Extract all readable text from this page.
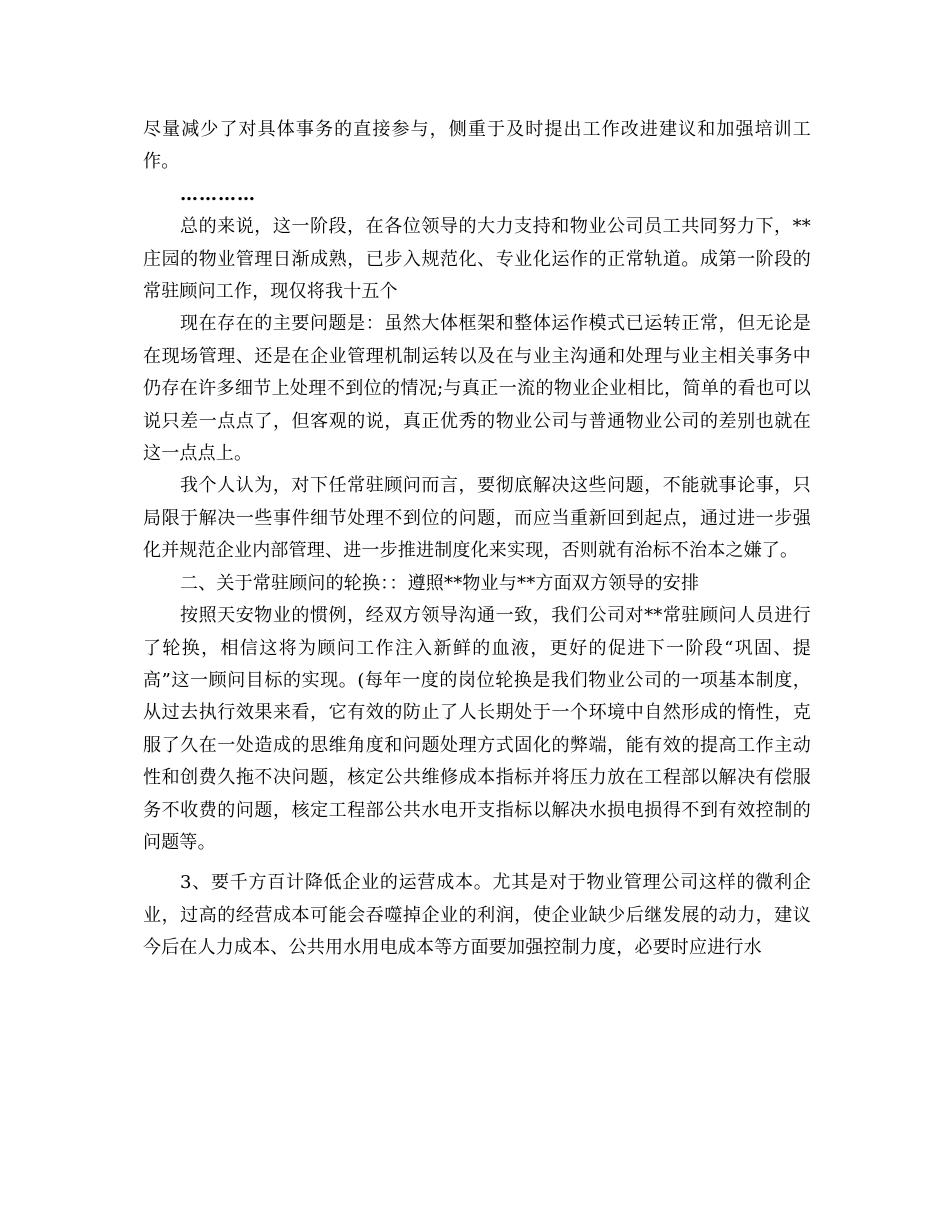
尽量减少了对具体事务的直接参与，侧重于及时提出工作改进建议和加强培训工作。

…………

总的来说，这一阶段，在各位领导的大力支持和物业公司员工共同努力下，**庄园的物业管理日渐成熟，已步入规范化、专业化运作的正常轨道。成第一阶段的常驻顾问工作，现仅将我十五个

现在存在的主要问题是：虽然大体框架和整体运作模式已运转正常，但无论是在现场管理、还是在企业管理机制运转以及在与业主沟通和处理与业主相关事务中仍存在许多细节上处理不到位的情况;与真正一流的物业企业相比，简单的看也可以说只差一点点了，但客观的说，真正优秀的物业公司与普通物业公司的差别也就在这一点点上。

我个人认为，对下任常驻顾问而言，要彻底解决这些问题，不能就事论事，只局限于解决一些事件细节处理不到位的问题，而应当重新回到起点，通过进一步强化并规范企业内部管理、进一步推进制度化来实现，否则就有治标不治本之嫌了。

二、关于常驻顾问的轮换：：遵照**物业与**方面双方领导的安排

按照天安物业的惯例，经双方领导沟通一致，我们公司对**常驻顾问人员进行了轮换，相信这将为顾问工作注入新鲜的血液，更好的促进下一阶段“巩固、提高”这一顾问目标的实现。(每年一度的岗位轮换是我们物业公司的一项基本制度，从过去执行效果来看，它有效的防止了人长期处于一个环境中自然形成的惰性，克服了久在一处造成的思维角度和问题处理方式固化的弊端，能有效的提高工作主动性和创费久拖不决问题，核定公共维修成本指标并将压力放在工程部以解决有偿服务不收费的问题，核定工程部公共水电开支指标以解决水损电损得不到有效控制的问题等。

3、要千方百计降低企业的运营成本。尤其是对于物业管理公司这样的微利企业，过高的经营成本可能会吞噬掉企业的利润，使企业缺少后继发展的动力，建议今后在人力成本、公共用水用电成本等方面要加强控制力度，必要时应进行水
